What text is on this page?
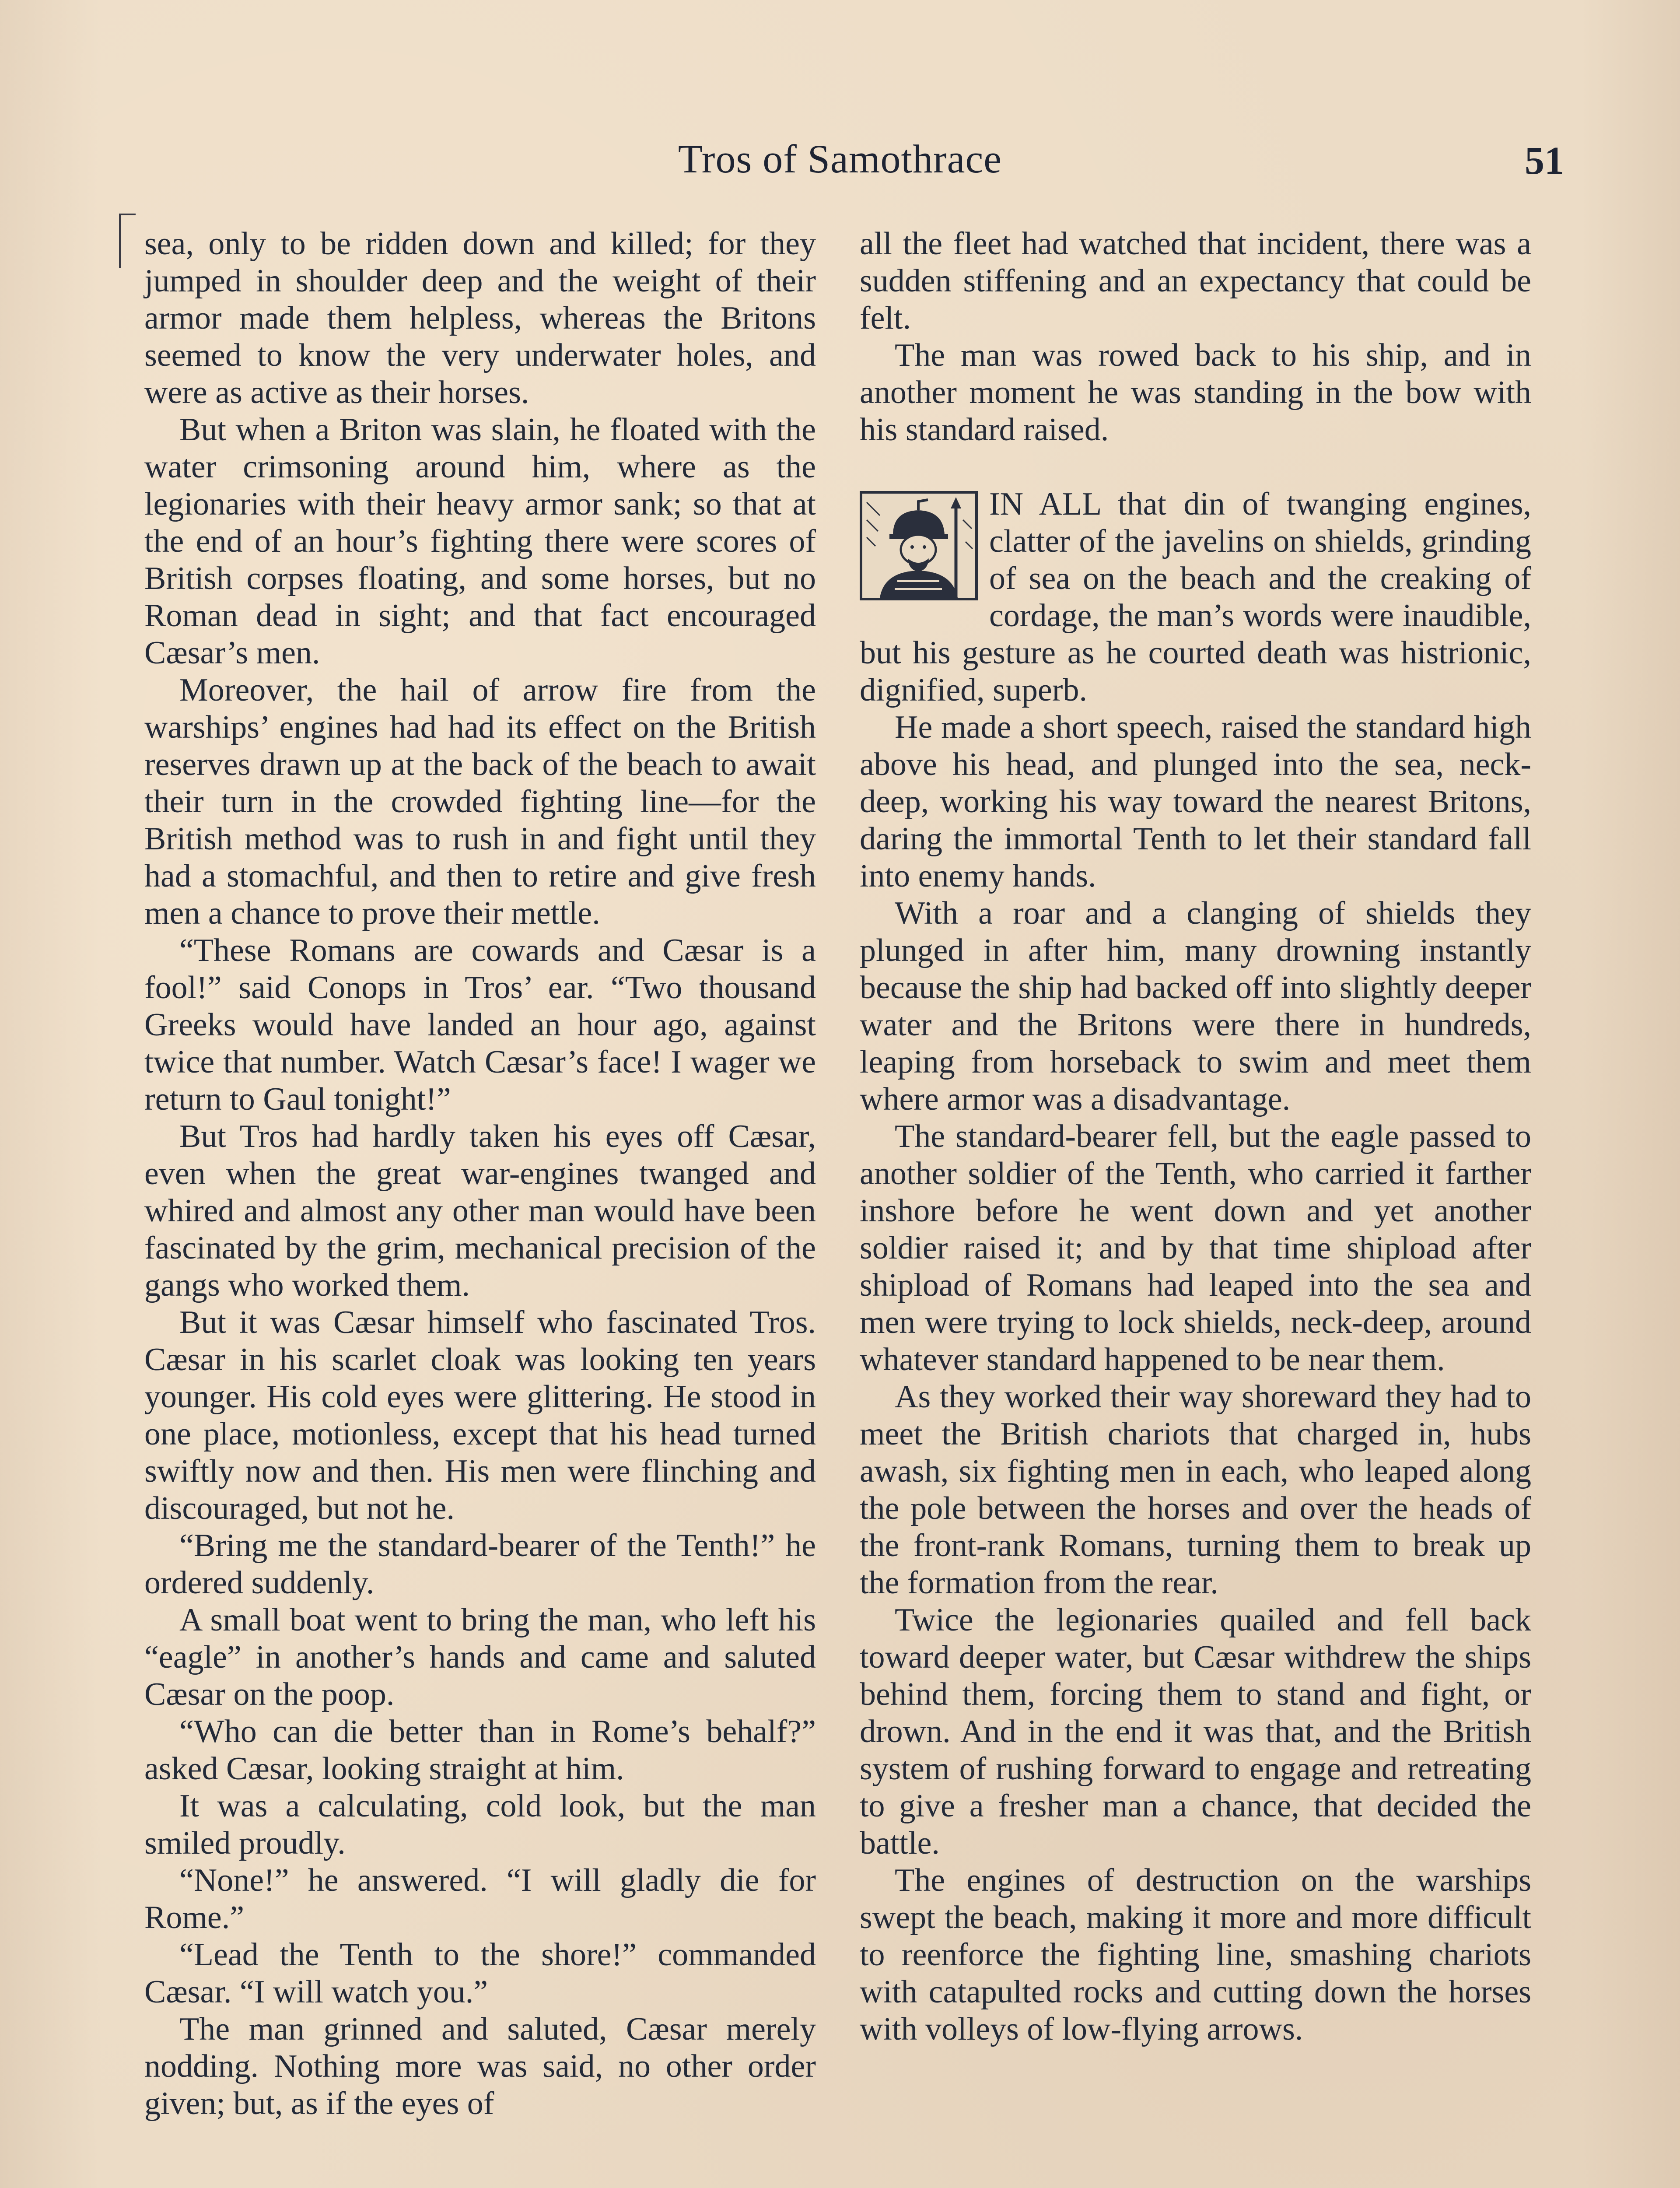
Tros of Samothrace	51

sea, only to be ridden down and killed; for they jumped in shoulder deep and the weight of their armor made them helpless, whereas the Britons seemed to know the very underwater holes, and were as active as their horses.

But when a Briton was slain, he floated with the water crimsoning around him, where as the legionaries with their heavy armor sank; so that at the end of an hour’s fighting there were scores of British corpses floating, and some horses, but no Roman dead in sight; and that fact encouraged Cæsar’s men.

Moreover, the hail of arrow fire from the warships’ engines had had its effect on the British reserves drawn up at the back of the beach to await their turn in the crowded fighting line—for the British method was to rush in and fight until they had a stomachful, and then to retire and give fresh men a chance to prove their mettle.

“These Romans are cowards and Cæsar is a fool!” said Conops in Tros’ ear. “Two thousand Greeks would have landed an hour ago, against twice that number. Watch Cæsar’s face! I wager we return to Gaul tonight!”

But Tros had hardly taken his eyes off Cæsar, even when the great war-engines twanged and whired and almost any other man would have been fascinated by the grim, mechanical precision of the gangs who worked them.

But it was Cæsar himself who fascinated Tros. Cæsar in his scarlet cloak was looking ten years younger. His cold eyes were glittering. He stood in one place, motionless, except that his head turned swiftly now and then. His men were flinching and discouraged, but not he.

“Bring me the standard-bearer of the Tenth!” he ordered suddenly.

A small boat went to bring the man, who left his “eagle” in another’s hands and came and saluted Cæsar on the poop.

“Who can die better than in Rome’s behalf?” asked Cæsar, looking straight at him.

It was a calculating, cold look, but the man smiled proudly.

“None!” he answered. “I will gladly die for Rome.”

“Lead the Tenth to the shore!” commanded Cæsar. “I will watch you.”

The man grinned and saluted, Cæsar merely nodding. Nothing more was said, no other order given; but, as if the eyes of

all the fleet had watched that incident, there was a sudden stiffening and an expectancy that could be felt.

The man was rowed back to his ship, and in another moment he was standing in the bow with his standard raised.

IN ALL that din of twanging engines, clatter of the javelins on shields, grinding of sea on the beach and the creaking of cordage, the man’s words were inaudible, but his gesture as he courted death was histrionic, dignified, superb.

He made a short speech, raised the standard high above his head, and plunged into the sea, neck-deep, working his way toward the nearest Britons, daring the immortal Tenth to let their standard fall into enemy hands.

With a roar and a clanging of shields they plunged in after him, many drowning instantly because the ship had backed off into slightly deeper water and the Britons were there in hundreds, leaping from horseback to swim and meet them where armor was a disadvantage.

The standard-bearer fell, but the eagle passed to another soldier of the Tenth, who carried it farther inshore before he went down and yet another soldier raised it; and by that time shipload after shipload of Romans had leaped into the sea and men were trying to lock shields, neck-deep, around whatever standard happened to be near them.

As they worked their way shoreward they had to meet the British chariots that charged in, hubs awash, six fighting men in each, who leaped along the pole between the horses and over the heads of the front-rank Romans, turning them to break up the formation from the rear.

Twice the legionaries quailed and fell back toward deeper water, but Cæsar withdrew the ships behind them, forcing them to stand and fight, or drown. And in the end it was that, and the British system of rushing forward to engage and retreating to give a fresher man a chance, that decided the battle.

The engines of destruction on the warships swept the beach, making it more and more difficult to reenforce the fighting line, smashing chariots with catapulted rocks and cutting down the horses with volleys of low-flying arrows.
